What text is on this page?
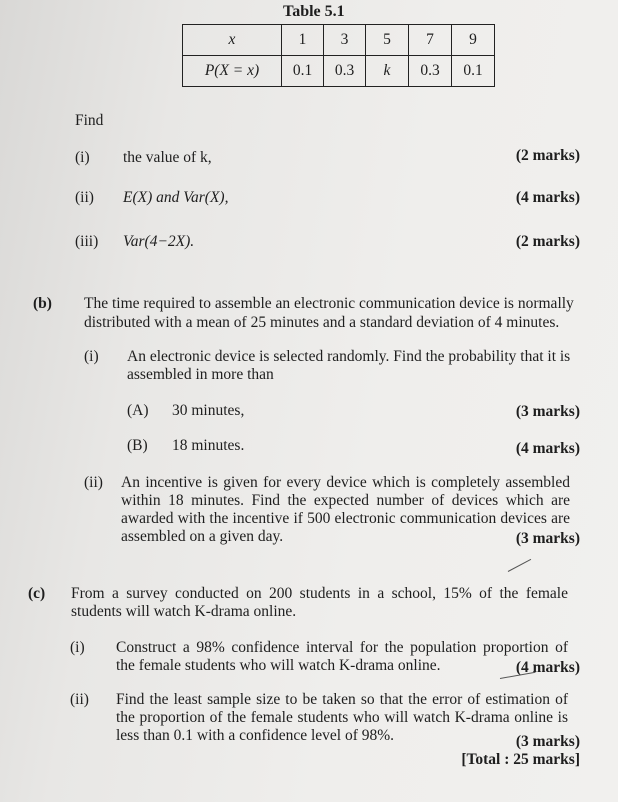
Table 5.1
x	1	3	5	7	9
P(X = x)	0.1	0.3	k	0.3	0.1
Find
(i) the value of k,	(2 marks)
(ii) E(X) and Var(X),	(4 marks)
(iii) Var(4−2X).	(2 marks)
(b) The time required to assemble an electronic communication device is normally
distributed with a mean of 25 minutes and a standard deviation of 4 minutes.
(i) An electronic device is selected randomly. Find the probability that it is
assembled in more than
(A) 30 minutes,	(3 marks)
(B) 18 minutes.	(4 marks)
(ii) An incentive is given for every device which is completely assembled
within 18 minutes. Find the expected number of devices which are
awarded with the incentive if 500 electronic communication devices are
assembled on a given day.	(3 marks)
(c) From a survey conducted on 200 students in a school, 15% of the female
students will watch K-drama online.
(i) Construct a 98% confidence interval for the population proportion of
the female students who will watch K-drama online.	(4 marks)
(ii) Find the least sample size to be taken so that the error of estimation of
the proportion of the female students who will watch K-drama online is
less than 0.1 with a confidence level of 98%.	(3 marks)
[Total : 25 marks]
